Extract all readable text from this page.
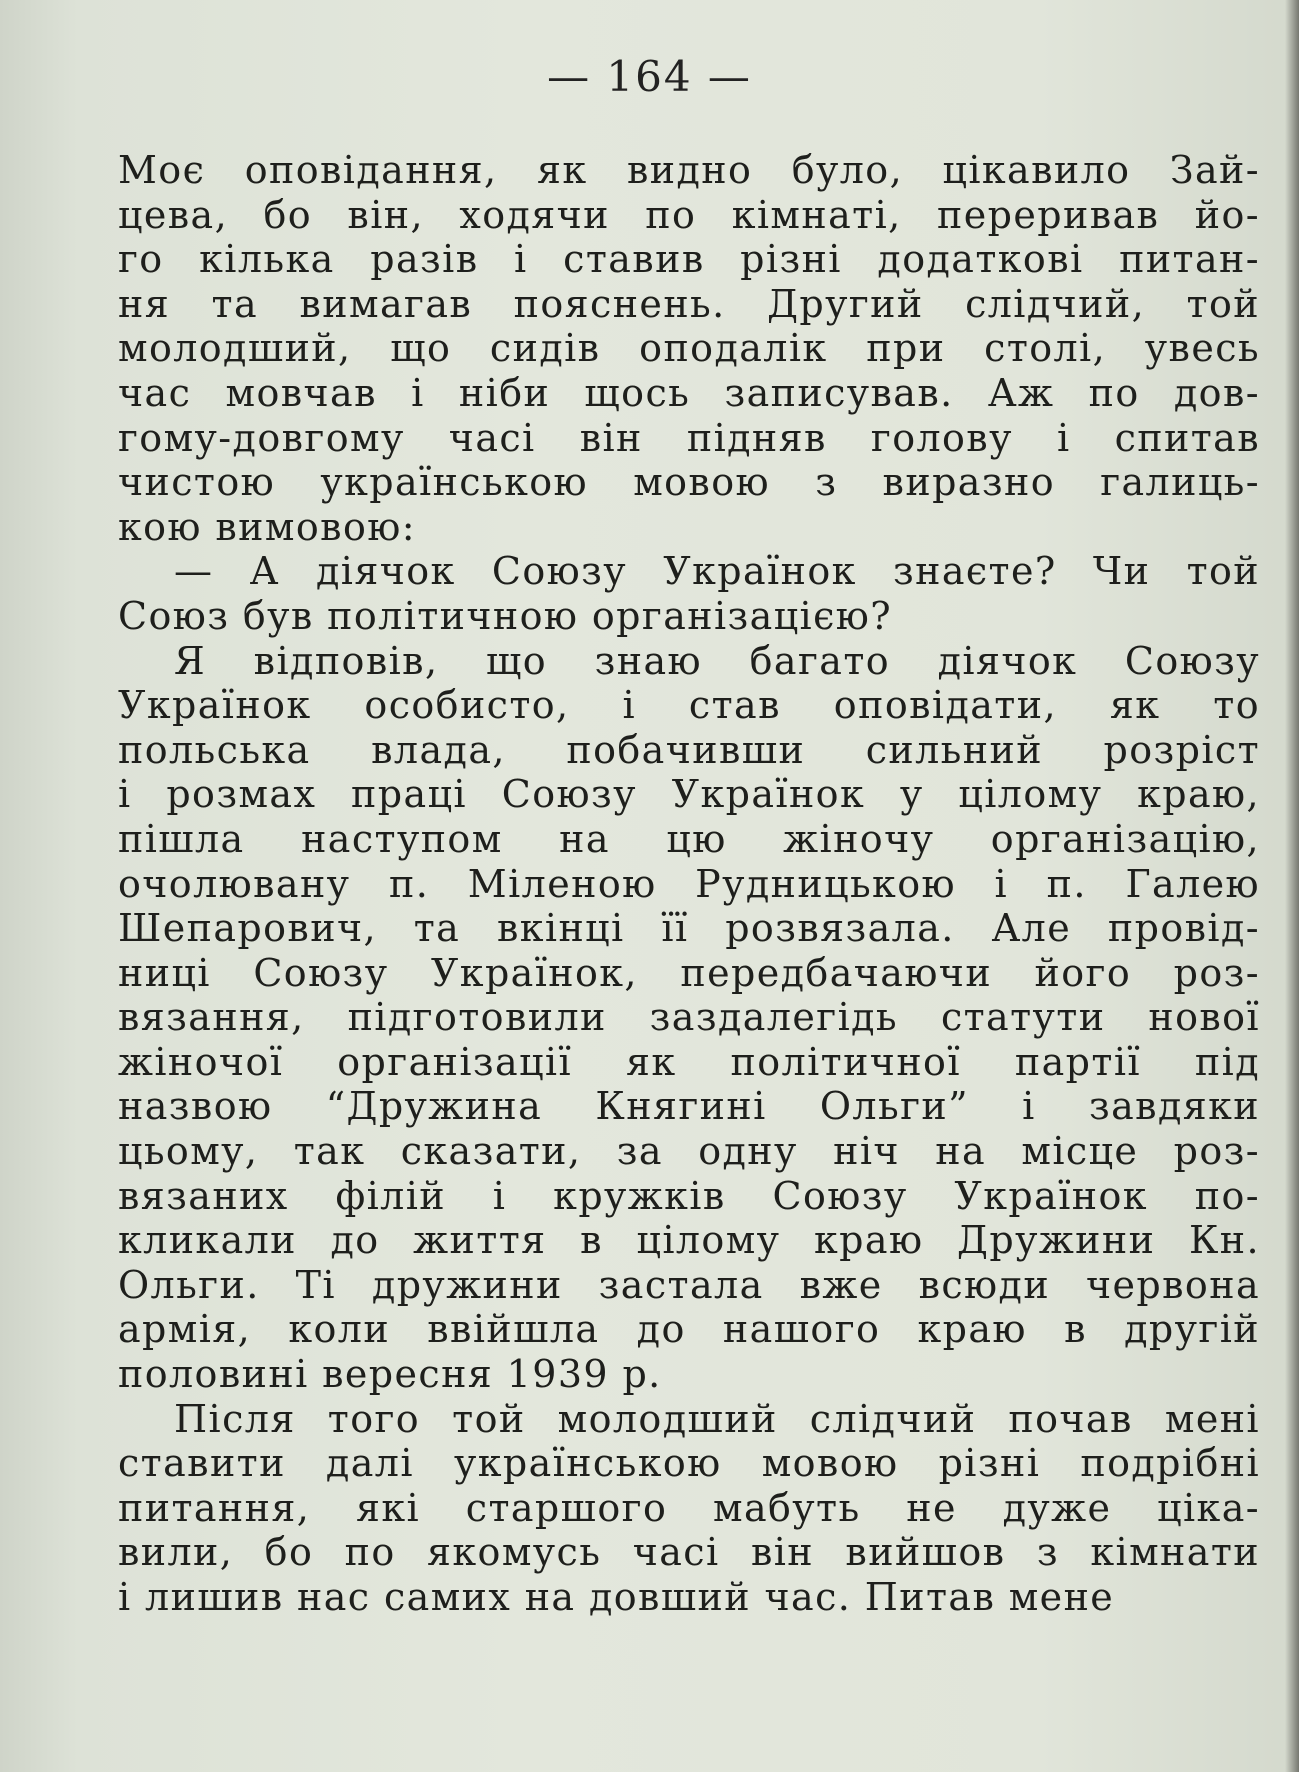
— 164 —
Моє оповідання, як видно було, цікавило Зай-
цева, бо він, ходячи по кімнаті, переривав йо-
го кілька разів і ставив різні додаткові питан-
ня та вимагав пояснень. Другий слідчий, той
молодший, що сидів оподалік при столі, увесь
час мовчав і ніби щось записував. Аж по дов-
гому-довгому часі він підняв голову і спитав
чистою українською мовою з виразно галиць-
кою вимовою:
— А діячок Союзу Українок знаєте? Чи той
Союз був політичною організацією?
Я відповів, що знаю багато діячок Союзу
Українок особисто, і став оповідати, як то
польська влада, побачивши сильний розріст
і розмах праці Союзу Українок у цілому краю,
пішла наступом на цю жіночу організацію,
очолювану п. Міленою Рудницькою і п. Галею
Шепарович, та вкінці її розвязала. Але провід-
ниці Союзу Українок, передбачаючи його роз-
вязання, підготовили заздалегідь статути нової
жіночої організації як політичної партії під
назвою “Дружина Княгині Ольги” і завдяки
цьому, так сказати, за одну ніч на місце роз-
вязаних філій і кружків Союзу Українок по-
кликали до життя в цілому краю Дружини Кн.
Ольги. Ті дружини застала вже всюди червона
армія, коли ввійшла до нашого краю в другій
половині вересня 1939 р.
Після того той молодший слідчий почав мені
ставити далі українською мовою різні подрібні
питання, які старшого мабуть не дуже ціка-
вили, бо по якомусь часі він вийшов з кімнати
і лишив нас самих на довший час. Питав мене
